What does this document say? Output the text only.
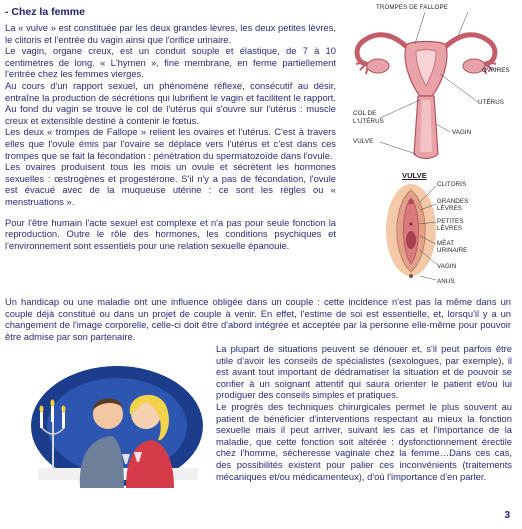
- Chez la femme

La « vulve » est constituée par les deux grandes lèvres, les deux petites lèvres, le clitoris et l'entrée du vagin ainsi que l'orifice urinaire.

Le vagin, organe creux, est un conduit souple et élastique, de 7 à 10 centimètres de long. « L'hymen », fine membrane, en ferme partiellement l'entrée chez les femmes vierges.

Au cours d'un rapport sexuel, un phénomène réflexe, consécutif au désir, entraîne la production de sécrétions qui lubrifient le vagin et facilitent le rapport. Au fond du vagin se trouve le col de l'utérus qui s'ouvre sur l'utérus : muscle creux et extensible destiné à contenir le fœtus.

Les deux « trompes de Fallope » relient les ovaires et l'utérus. C'est à travers elles que l'ovule émis par l'ovaire se déplace vers l'utérus et c'est dans ces trompes que se fait la fécondation : pénétration du spermatozoïde dans l'ovule.

Les ovaires produisent tous les mois un ovule et sécrètent les hormones sexuelles : œstrogènes et progestérone. S'il n'y a pas de fécondation, l'ovule est évacué avec de la muqueuse utérine : ce sont les règles ou « menstruations ».

Pour l'être humain l'acte sexuel est complexe et n'a pas pour seule fonction la reproduction. Outre le rôle des hormones, les conditions psychiques et l'environnement sont essentiels pour une relation sexuelle épanouie.

TROMPES DE FALLOPE
OVAIRES
UTÉRUS
COL DE
L'UTÉRUS
VAGIN
VULVE
VULVE
CLITORIS
GRANDES
LÈVRES
PETITES
LÈVRES
MÉAT
URINAIRE
VAGIN
ANUS

Un handicap ou une maladie ont une influence obligée dans un couple : cette incidence n'est pas la même dans un couple déjà constitué ou dans un projet de couple à venir. En effet, l'estime de soi est essentielle, et, lorsqu'il y a un changement de l'image corporelle, celle-ci doit être d'abord intégrée et acceptée par la personne elle-même pour pouvoir être admise par son partenaire.

La plupart de situations peuvent se dénouer et, s'il peut parfois être utile d'avoir les conseils de spécialistes (sexologues, par exemple), il est avant tout important de dédramatiser la situation et de pouvoir se confier à un soignant attentif qui saura orienter le patient et/ou lui prodiguer des conseils simples et pratiques.

Le progrès des techniques chirurgicales permet le plus souvent au patient de bénéficier d'interventions respectant au mieux la fonction sexuelle mais il peut arriver, suivant les cas et l'importance de la maladie, que cette fonction soit altérée : dysfonctionnement érectile chez l'homme, sécheresse vaginale chez la femme…Dans ces cas, des possibilités existent pour palier ces inconvénients (traitements mécaniques et/ou médicamenteux), d'où l'importance d'en parler.

3
